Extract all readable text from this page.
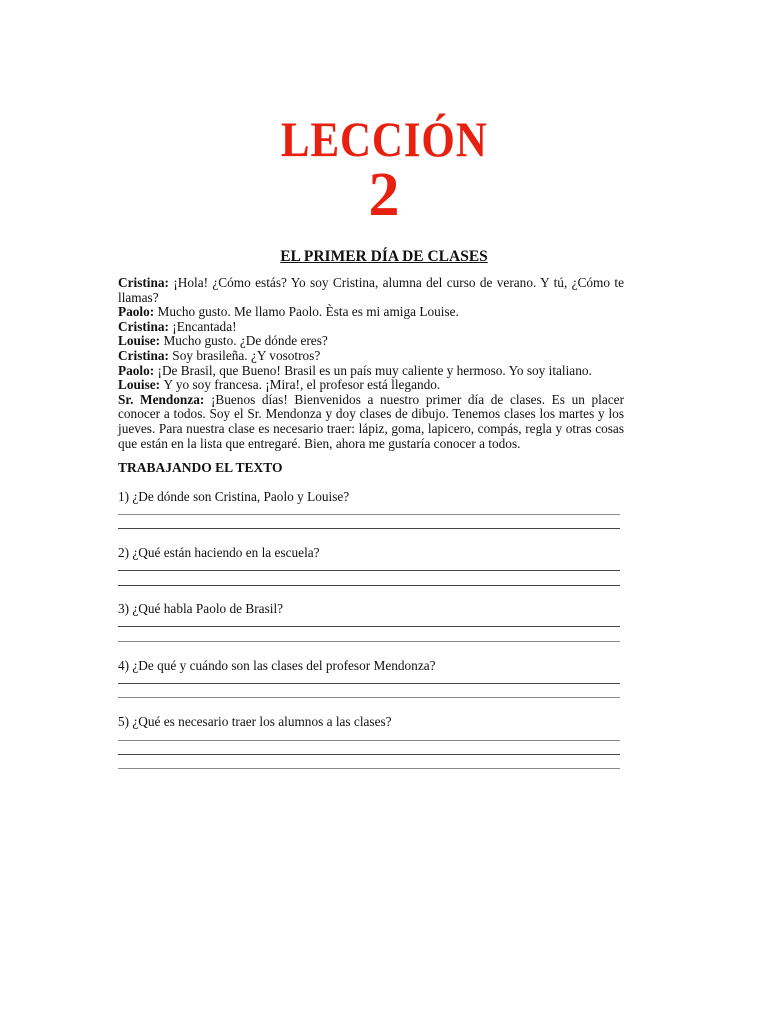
LECCIÓN
2
EL PRIMER DÍA DE CLASES
Cristina: ¡Hola! ¿Cómo estás? Yo soy Cristina, alumna del curso de verano. Y tú, ¿Cómo te llamas?
Paolo: Mucho gusto. Me llamo Paolo. Èsta es mi amiga Louise.
Cristina: ¡Encantada!
Louise: Mucho gusto. ¿De dónde eres?
Cristina: Soy brasileña. ¿Y vosotros?
Paolo: ¡De Brasil, que Bueno! Brasil es un país muy caliente y hermoso. Yo soy italiano.
Louise: Y yo soy francesa. ¡Mira!, el profesor está llegando.
Sr. Mendonza: ¡Buenos días! Bienvenidos a nuestro primer día de clases. Es un placer conocer a todos. Soy el Sr. Mendonza y doy clases de dibujo. Tenemos clases los martes y los jueves. Para nuestra clase es necesario traer: lápiz, goma, lapicero, compás, regla y otras cosas que están en la lista que entregaré. Bien, ahora me gustaría conocer a todos.
TRABAJANDO EL TEXTO
1) ¿De dónde son Cristina, Paolo y Louise?
2) ¿Qué están haciendo en la escuela?
3) ¿Qué habla Paolo de Brasil?
4) ¿De qué y cuándo son las clases del profesor Mendonza?
5) ¿Qué es necesario traer los alumnos a las clases?
